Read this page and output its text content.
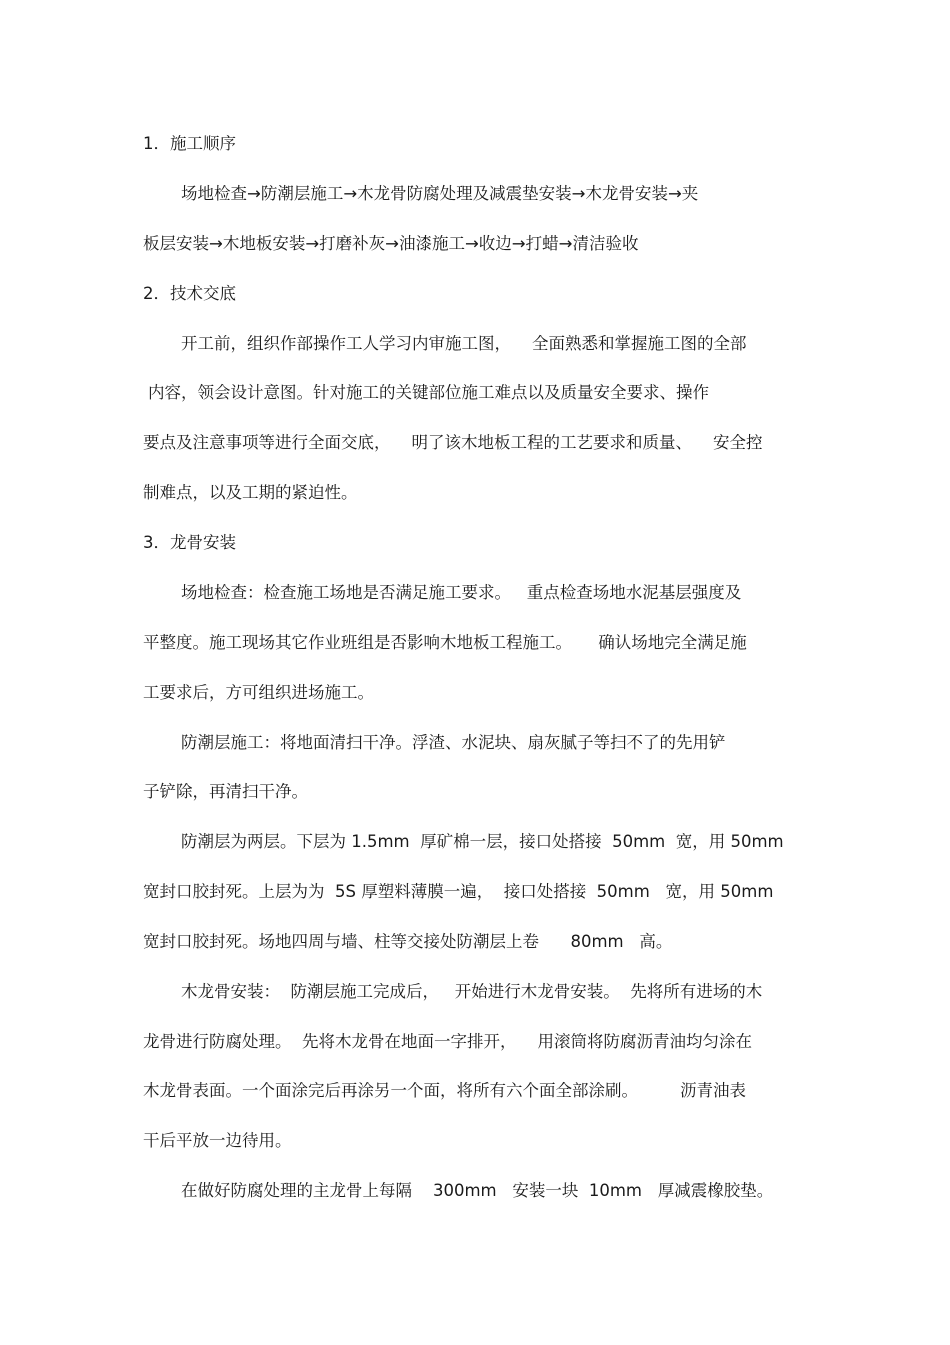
1．施工顺序
场地检查→防潮层施工→木龙骨防腐处理及减震垫安装→木龙骨安装→夹
板层安装→木地板安装→打磨补灰→油漆施工→收边→打蜡→清洁验收
2．技术交底
开工前，组织作部操作工人学习内审施工图，    全面熟悉和掌握施工图的全部
内容，领会设计意图。针对施工的关键部位施工难点以及质量安全要求、操作
要点及注意事项等进行全面交底，    明了该木地板工程的工艺要求和质量、    安全控
制难点，以及工期的紧迫性。
3．龙骨安装
场地检查：检查施工场地是否满足施工要求。   重点检查场地水泥基层强度及
平整度。施工现场其它作业班组是否影响木地板工程施工。     确认场地完全满足施
工要求后，方可组织进场施工。
防潮层施工：将地面清扫干净。浮渣、水泥块、扇灰腻子等扫不了的先用铲
子铲除，再清扫干净。
防潮层为两层。下层为 1.5mm  厚矿棉一层，接口处搭接  50mm  宽，用 50mm
宽封口胶封死。上层为为  5S 厚塑料薄膜一遍，  接口处搭接  50mm   宽，用 50mm
宽封口胶封死。场地四周与墙、柱等交接处防潮层上卷      80mm   高。
木龙骨安装：  防潮层施工完成后，   开始进行木龙骨安装。  先将所有进场的木
龙骨进行防腐处理。  先将木龙骨在地面一字排开，    用滚筒将防腐沥青油均匀涂在
木龙骨表面。一个面涂完后再涂另一个面，将所有六个面全部涂刷。        沥青油表
干后平放一边待用。
在做好防腐处理的主龙骨上每隔    300mm   安装一块  10mm   厚减震橡胶垫。
